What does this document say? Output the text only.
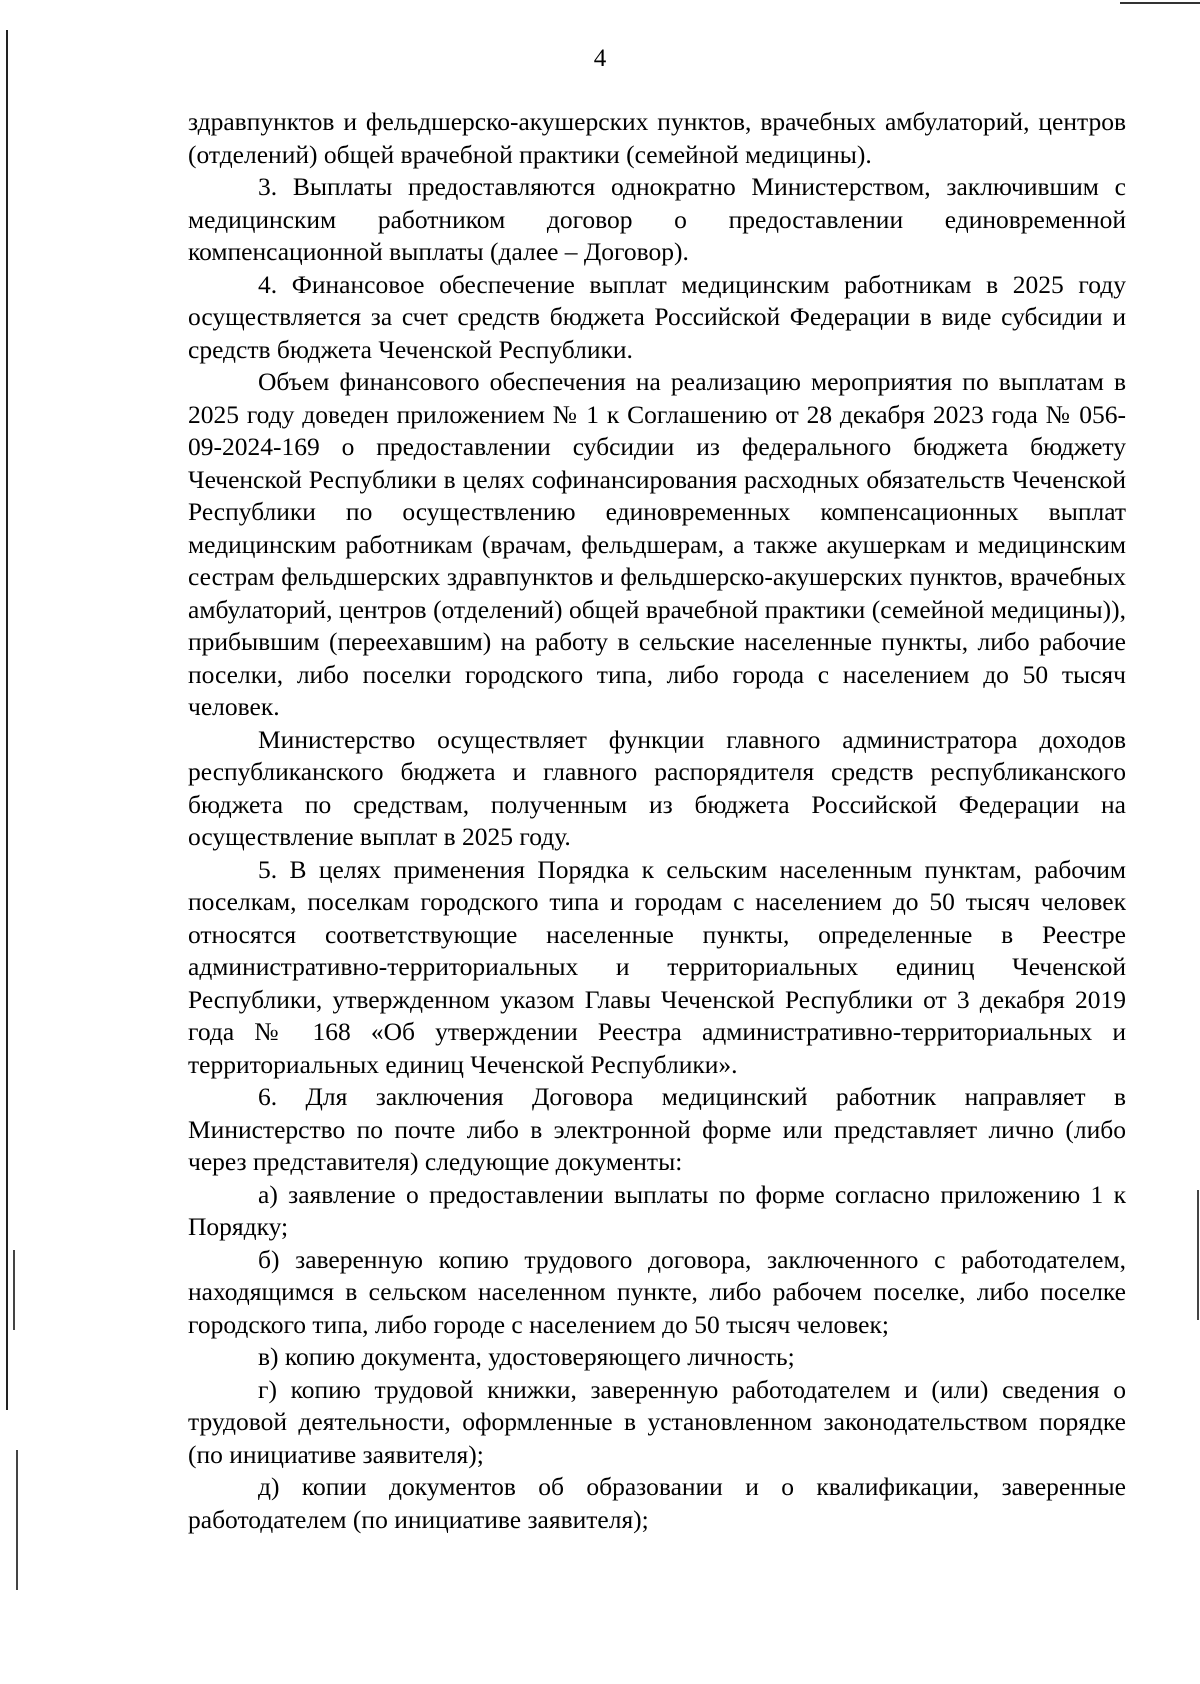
4

здравпунктов и фельдшерско-акушерских пунктов, врачебных амбулаторий, центров (отделений) общей врачебной практики (семейной медицины).

3. Выплаты предоставляются однократно Министерством, заключившим с медицинским работником договор о предоставлении единовременной компенсационной выплаты (далее – Договор).

4. Финансовое обеспечение выплат медицинским работникам в 2025 году осуществляется за счет средств бюджета Российской Федерации в виде субсидии и средств бюджета Чеченской Республики.

Объем финансового обеспечения на реализацию мероприятия по выплатам в 2025 году доведен приложением № 1 к Соглашению от 28 декабря 2023 года № 056-09-2024-169 о предоставлении субсидии из федерального бюджета бюджету Чеченской Республики в целях софинансирования расходных обязательств Чеченской Республики по осуществлению единовременных компенсационных выплат медицинским работникам (врачам, фельдшерам, а также акушеркам и медицинским сестрам фельдшерских здравпунктов и фельдшерско-акушерских пунктов, врачебных амбулаторий, центров (отделений) общей врачебной практики (семейной медицины)), прибывшим (переехавшим) на работу в сельские населенные пункты, либо рабочие поселки, либо поселки городского типа, либо города с населением до 50 тысяч человек.

Министерство осуществляет функции главного администратора доходов республиканского бюджета и главного распорядителя средств республиканского бюджета по средствам, полученным из бюджета Российской Федерации на осуществление выплат в 2025 году.

5. В целях применения Порядка к сельским населенным пунктам, рабочим поселкам, поселкам городского типа и городам с населением до 50 тысяч человек относятся соответствующие населенные пункты, определенные в Реестре административно-территориальных и территориальных единиц Чеченской Республики, утвержденном указом Главы Чеченской Республики от 3 декабря 2019 года № 168 «Об утверждении Реестра административно-территориальных и территориальных единиц Чеченской Республики».

6. Для заключения Договора медицинский работник направляет в Министерство по почте либо в электронной форме или представляет лично (либо через представителя) следующие документы:

а) заявление о предоставлении выплаты по форме согласно приложению 1 к Порядку;

б) заверенную копию трудового договора, заключенного с работодателем, находящимся в сельском населенном пункте, либо рабочем поселке, либо поселке городского типа, либо городе с населением до 50 тысяч человек;

в) копию документа, удостоверяющего личность;

г) копию трудовой книжки, заверенную работодателем и (или) сведения о трудовой деятельности, оформленные в установленном законодательством порядке (по инициативе заявителя);

д) копии документов об образовании и о квалификации, заверенные работодателем (по инициативе заявителя);
